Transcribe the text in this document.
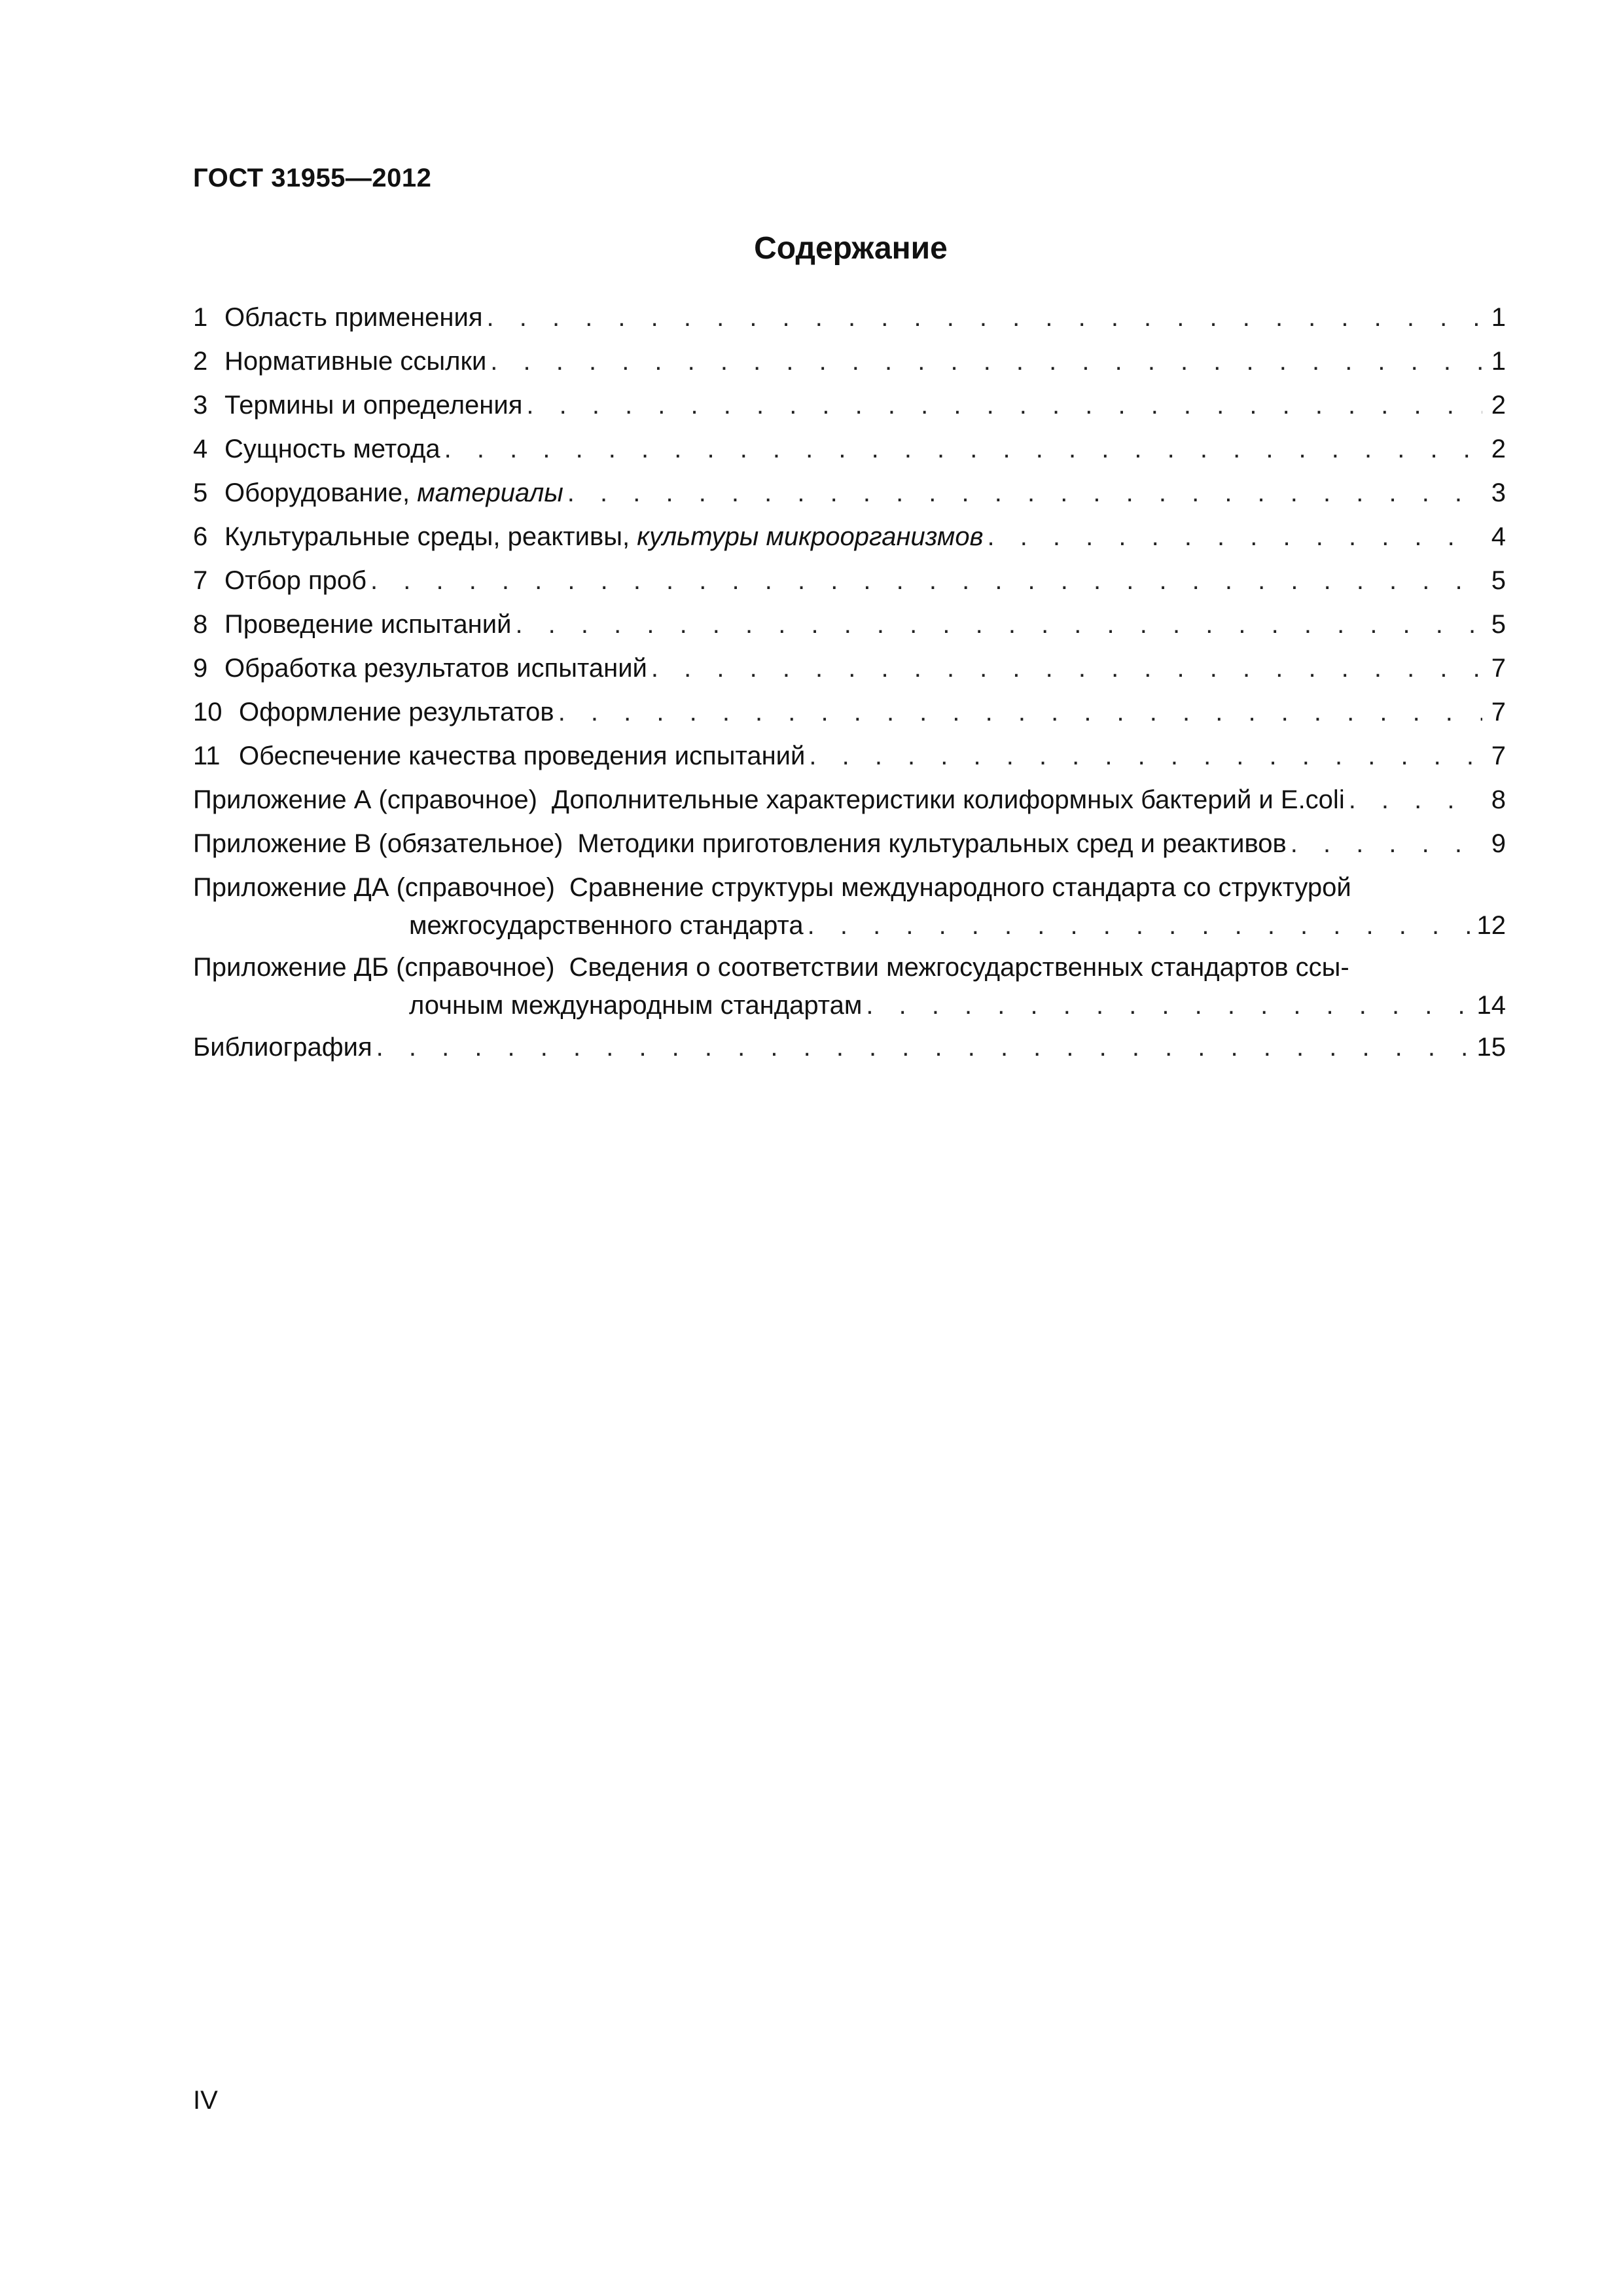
ГОСТ 31955—2012
Содержание
1 Область применения . . .	1
2 Нормативные ссылки . . .	1
3 Термины и определения . . .	2
4 Сущность метода . . .	2
5 Оборудование, материалы . . .	3
6 Культуральные среды, реактивы, культуры микроорганизмов . . .	4
7 Отбор проб . . .	5
8 Проведение испытаний . . .	5
9 Обработка результатов испытаний . . .	7
10 Оформление результатов . . .	7
11 Обеспечение качества проведения испытаний . . .	7
Приложение А (справочное) Дополнительные характеристики колиформных бактерий и E.coli . . .	8
Приложение В (обязательное) Методики приготовления культуральных сред и реактивов . . .	9
Приложение ДА (справочное) Сравнение структуры международного стандарта со структурой
межгосударственного стандарта . . .	12
Приложение ДБ (справочное) Сведения о соответствии межгосударственных стандартов ссы-
лочным международным стандартам . . .	14
Библиография . . .	15
IV
